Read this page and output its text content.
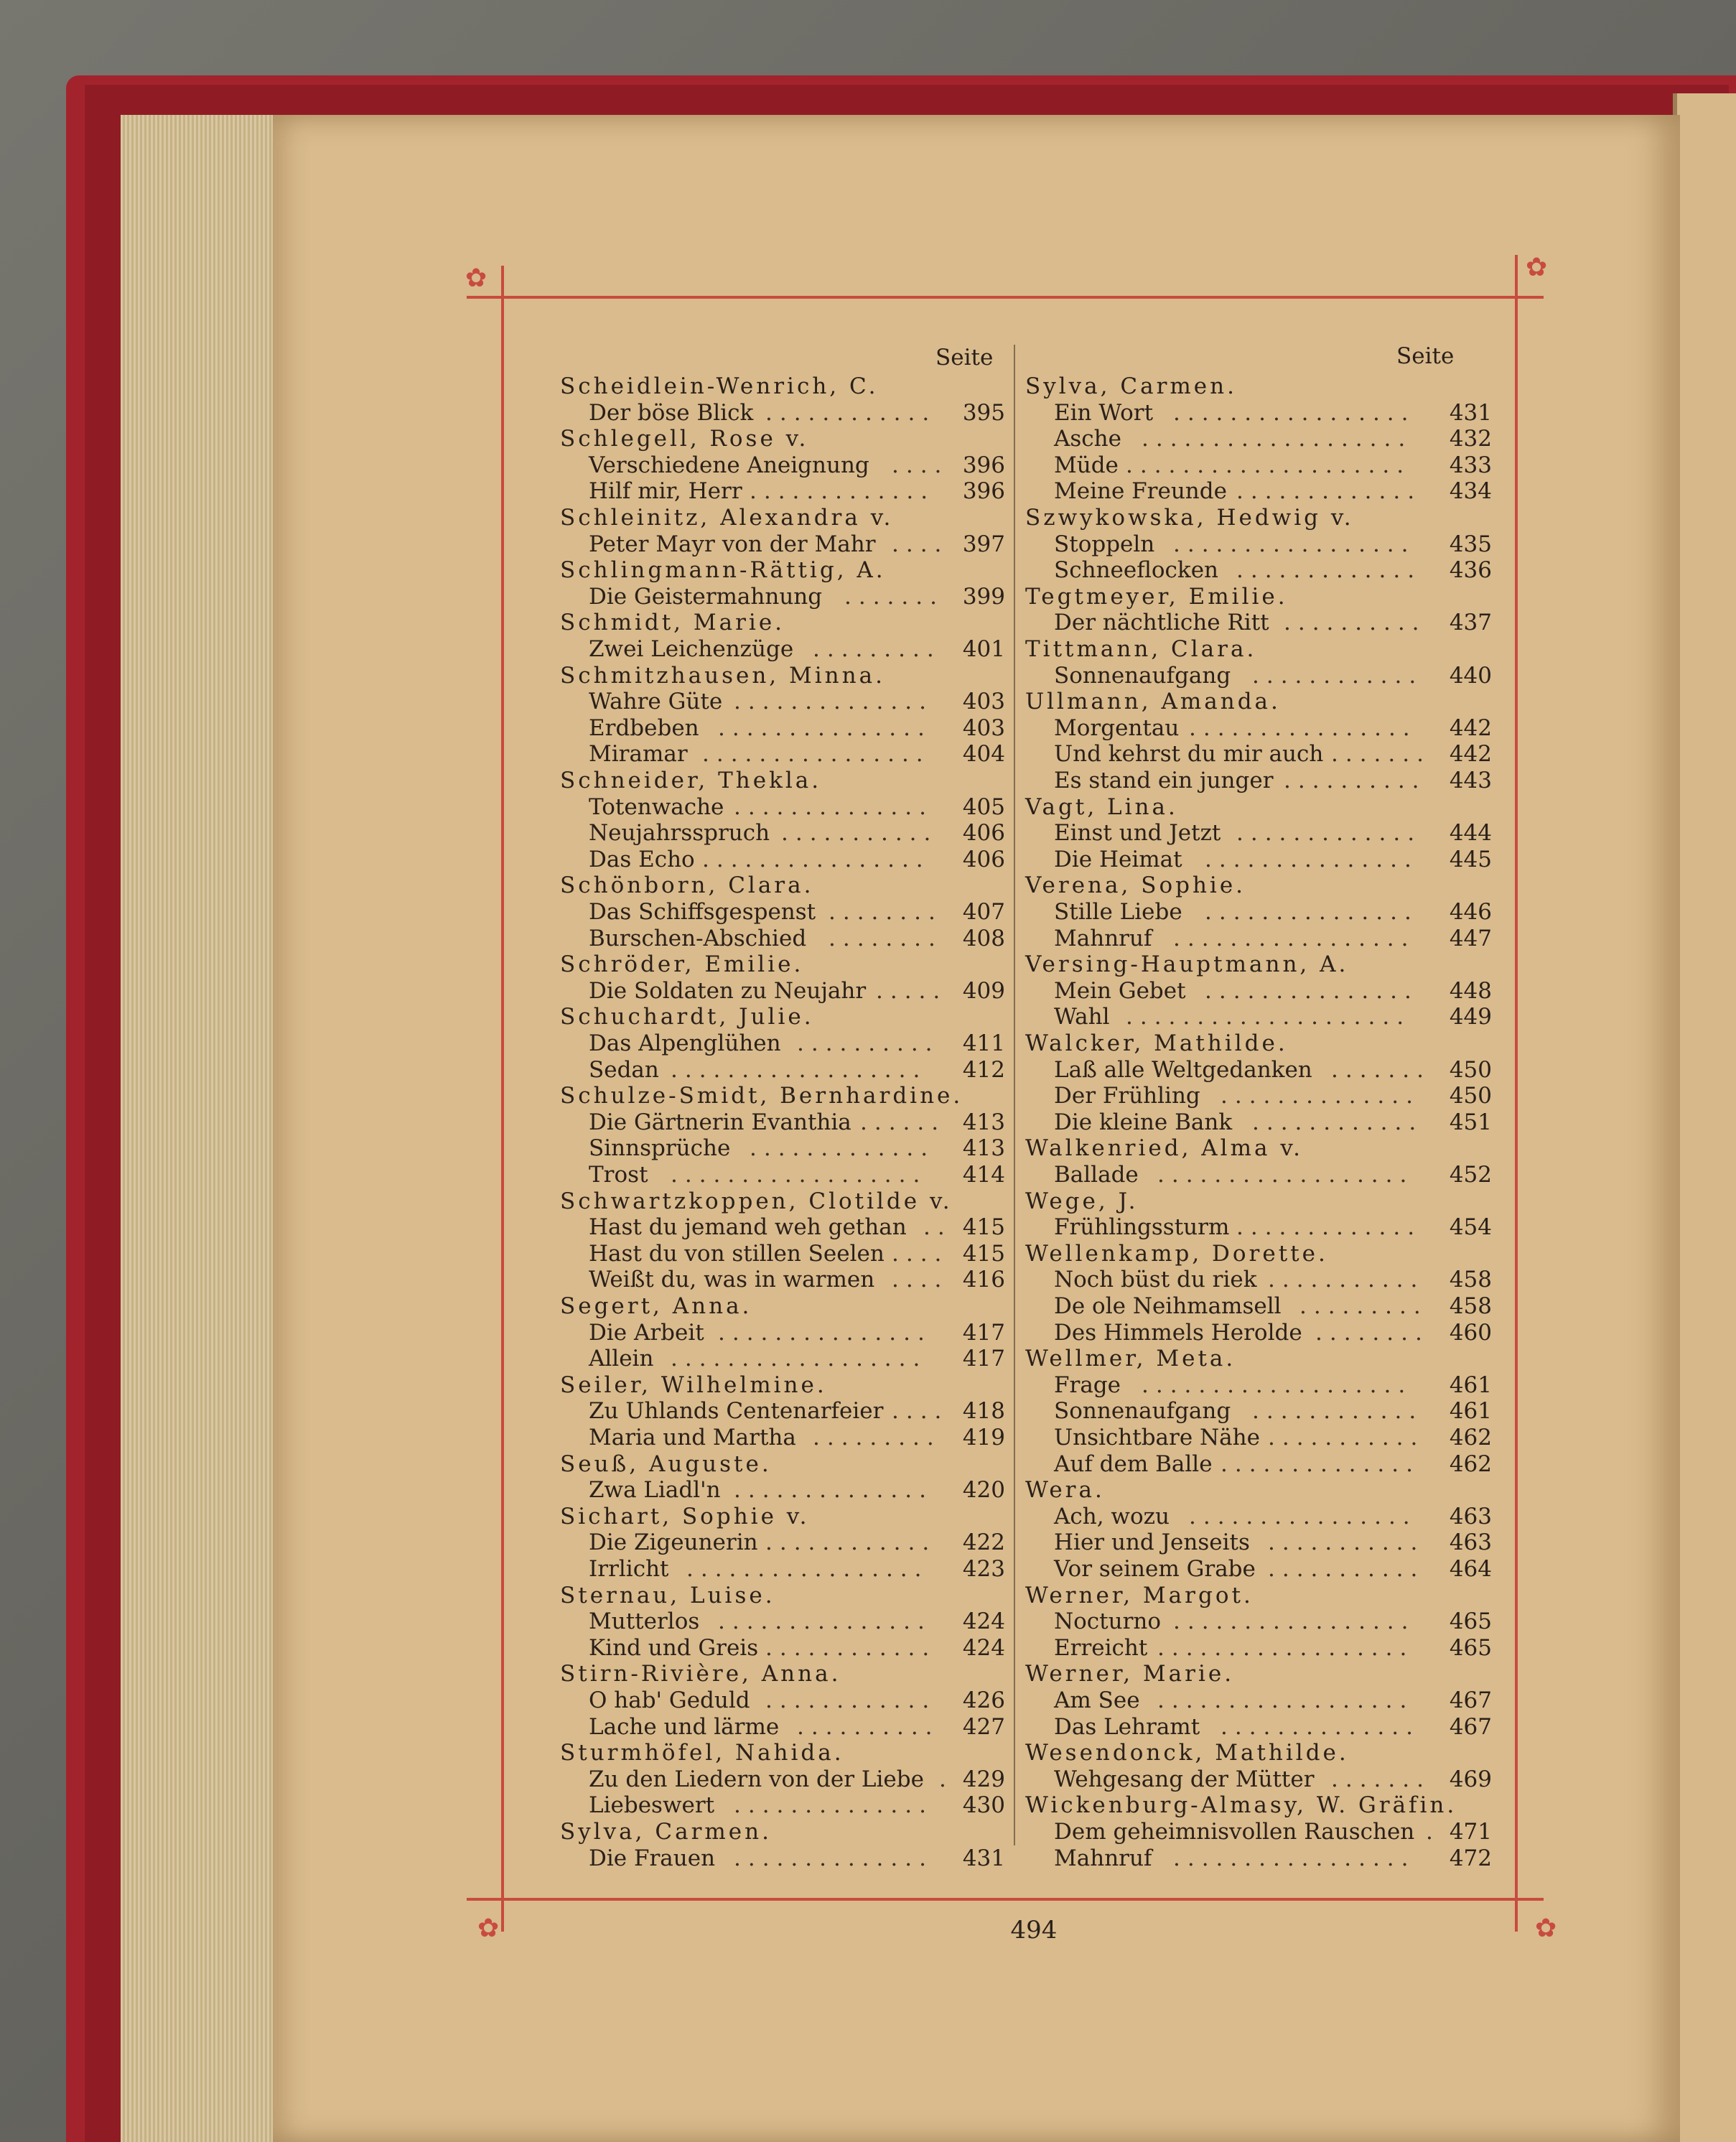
✿	✿
✿	✿
Seite	Seite
Scheidlein-Wenrich, C.
Der böse Blick ............	395
Schlegell, Rose v.
Verschiedene Aneignung .... 396
Hilf mir, Herr .............	396
Schleinitz, Alexandra v.
Peter Mayr von der Mahr .... 397
Schlingmann-Rättig, A.
Die Geistermahnung ....... 399
Schmidt, Marie.
Zwei Leichenzüge ......... 401
Schmitzhausen, Minna.
Wahre Güte ..............	403
Erdbeben ...............	403
Miramar ................	404
Schneider, Thekla.
Totenwache ..............	405
Neujahrsspruch ...........	406
Das Echo ................	406
Schönborn, Clara.
Das Schiffsgespenst ........ 407
Burschen-Abschied ........ 408
Schröder, Emilie.
Die Soldaten zu Neujahr ..... 409
Schuchardt, Julie.
Das Alpenglühen ..........	411
Sedan ..................	412
Schulze-Smidt, Bernhardine.
Die Gärtnerin Evanthia ...... 413
Sinnsprüche .............	413
Trost ..................	414
Schwartzkoppen, Clotilde v.
Hast du jemand weh gethan .. 415
Hast du von stillen Seelen .... 415
Weißt du, was in warmen .... 416
Segert, Anna.
Die Arbeit ...............	417
Allein ..................	417
Seiler, Wilhelmine.
Zu Uhlands Centenarfeier .... 418
Maria und Martha ......... 419
Seuß, Auguste.
Zwa Liadl'n ..............	420
Sichart, Sophie v.
Die Zigeunerin ............	422
Irrlicht .................	423
Sternau, Luise.
Mutterlos ...............	424
Kind und Greis ............	424
Stirn-Rivière, Anna.
O hab' Geduld ............	426
Lache und lärme ..........	427
Sturmhöfel, Nahida.
Zu den Liedern von der Liebe . 429
Liebeswert ..............	430
Sylva, Carmen.
Die Frauen ..............	431
Sylva, Carmen.
Ein Wort .................	431
Asche ...................	432
Müde ....................	433
Meine Freunde .............	434
Szwykowska, Hedwig v.
Stoppeln .................	435
Schneeflocken .............	436
Tegtmeyer, Emilie.
Der nächtliche Ritt ..........	437
Tittmann, Clara.
Sonnenaufgang ............	440
Ullmann, Amanda.
Morgentau ................	442
Und kehrst du mir auch ....... 442
Es stand ein junger ..........	443
Vagt, Lina.
Einst und Jetzt .............	444
Die Heimat ...............	445
Verena, Sophie.
Stille Liebe ...............	446
Mahnruf .................	447
Versing-Hauptmann, A.
Mein Gebet ...............	448
Wahl ....................	449
Walcker, Mathilde.
Laß alle Weltgedanken ....... 450
Der Frühling ..............	450
Die kleine Bank ............	451
Walkenried, Alma v.
Ballade ..................	452
Wege, J.
Frühlingssturm .............	454
Wellenkamp, Dorette.
Noch büst du riek ...........	458
De ole Neihmamsell ......... 458
Des Himmels Herolde ........ 460
Wellmer, Meta.
Frage ...................	461
Sonnenaufgang ............	461
Unsichtbare Nähe ...........	462
Auf dem Balle ..............	462
Wera.
Ach, wozu ................	463
Hier und Jenseits ...........	463
Vor seinem Grabe ...........	464
Werner, Margot.
Nocturno .................	465
Erreicht ..................	465
Werner, Marie.
Am See ..................	467
Das Lehramt ..............	467
Wesendonck, Mathilde.
Wehgesang der Mütter ....... 469
Wickenburg-Almasy, W. Gräfin.
Dem geheimnisvollen Rauschen . 471
Mahnruf .................	472
494
